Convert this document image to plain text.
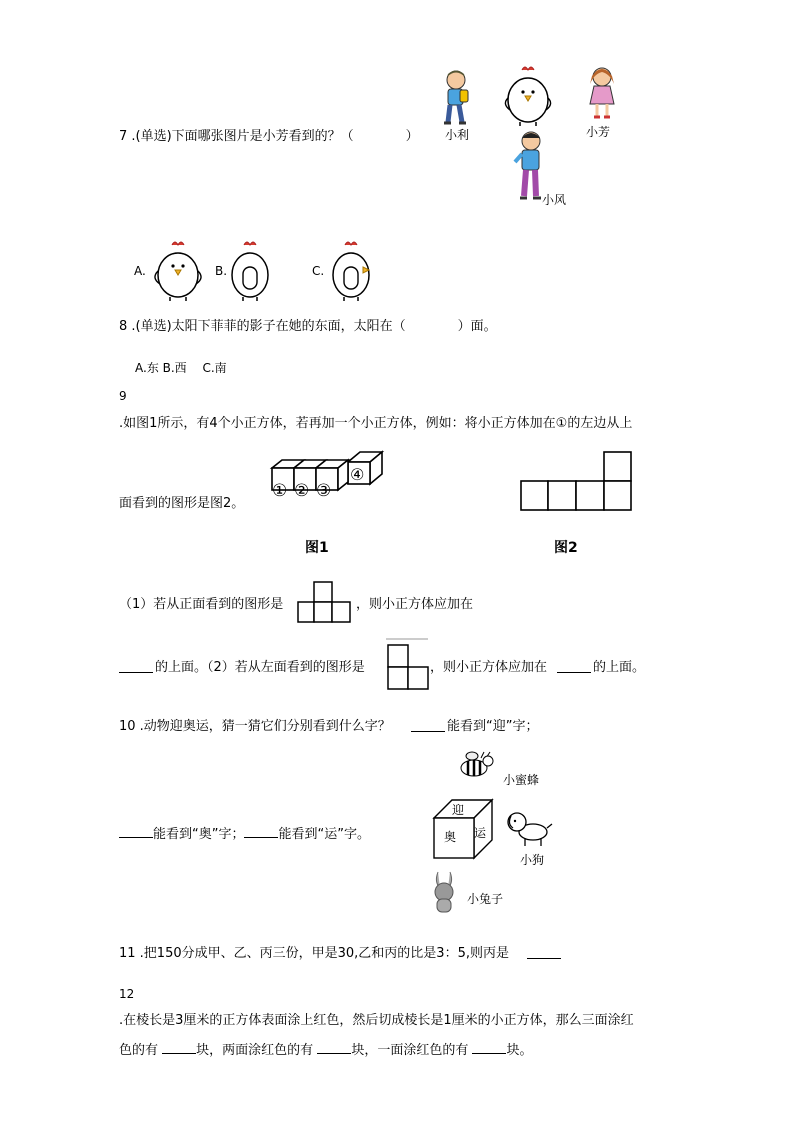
7 .(单选)下面哪张图片是小芳看到的？（　　　　） 小利	小芳
小风
A.	B.	C.
8 .(单选)太阳下菲菲的影子在她的东面，太阳在（　　　　）面。
A.东 B.西　 C.南
9
.如图1所示，有4个小正方体，若再加一个小正方体，例如：将小正方体加在①的左边从上
面看到的图形是图2。
① ② ③
④
图1	图2
（1）若从正面看到的图形是	，则小正方体应加在
的上面。（2）若从左面看到的图形是	，则小正方体应加在	的上面。
10 .动物迎奥运，猜一猜它们分别看到什么字？	能看到“迎”字；
小蜜蜂
迎
奥 运
小狗
能看到“奥”字；	能看到“运”字。
小兔子
11 .把150分成甲、乙、丙三份，甲是30,乙和丙的比是3：5,则丙是
12
.在棱长是3厘米的正方体表面涂上红色，然后切成棱长是1厘米的小正方体，那么三面涂红
色的有	块，两面涂红色的有	块，一面涂红色的有	块。
